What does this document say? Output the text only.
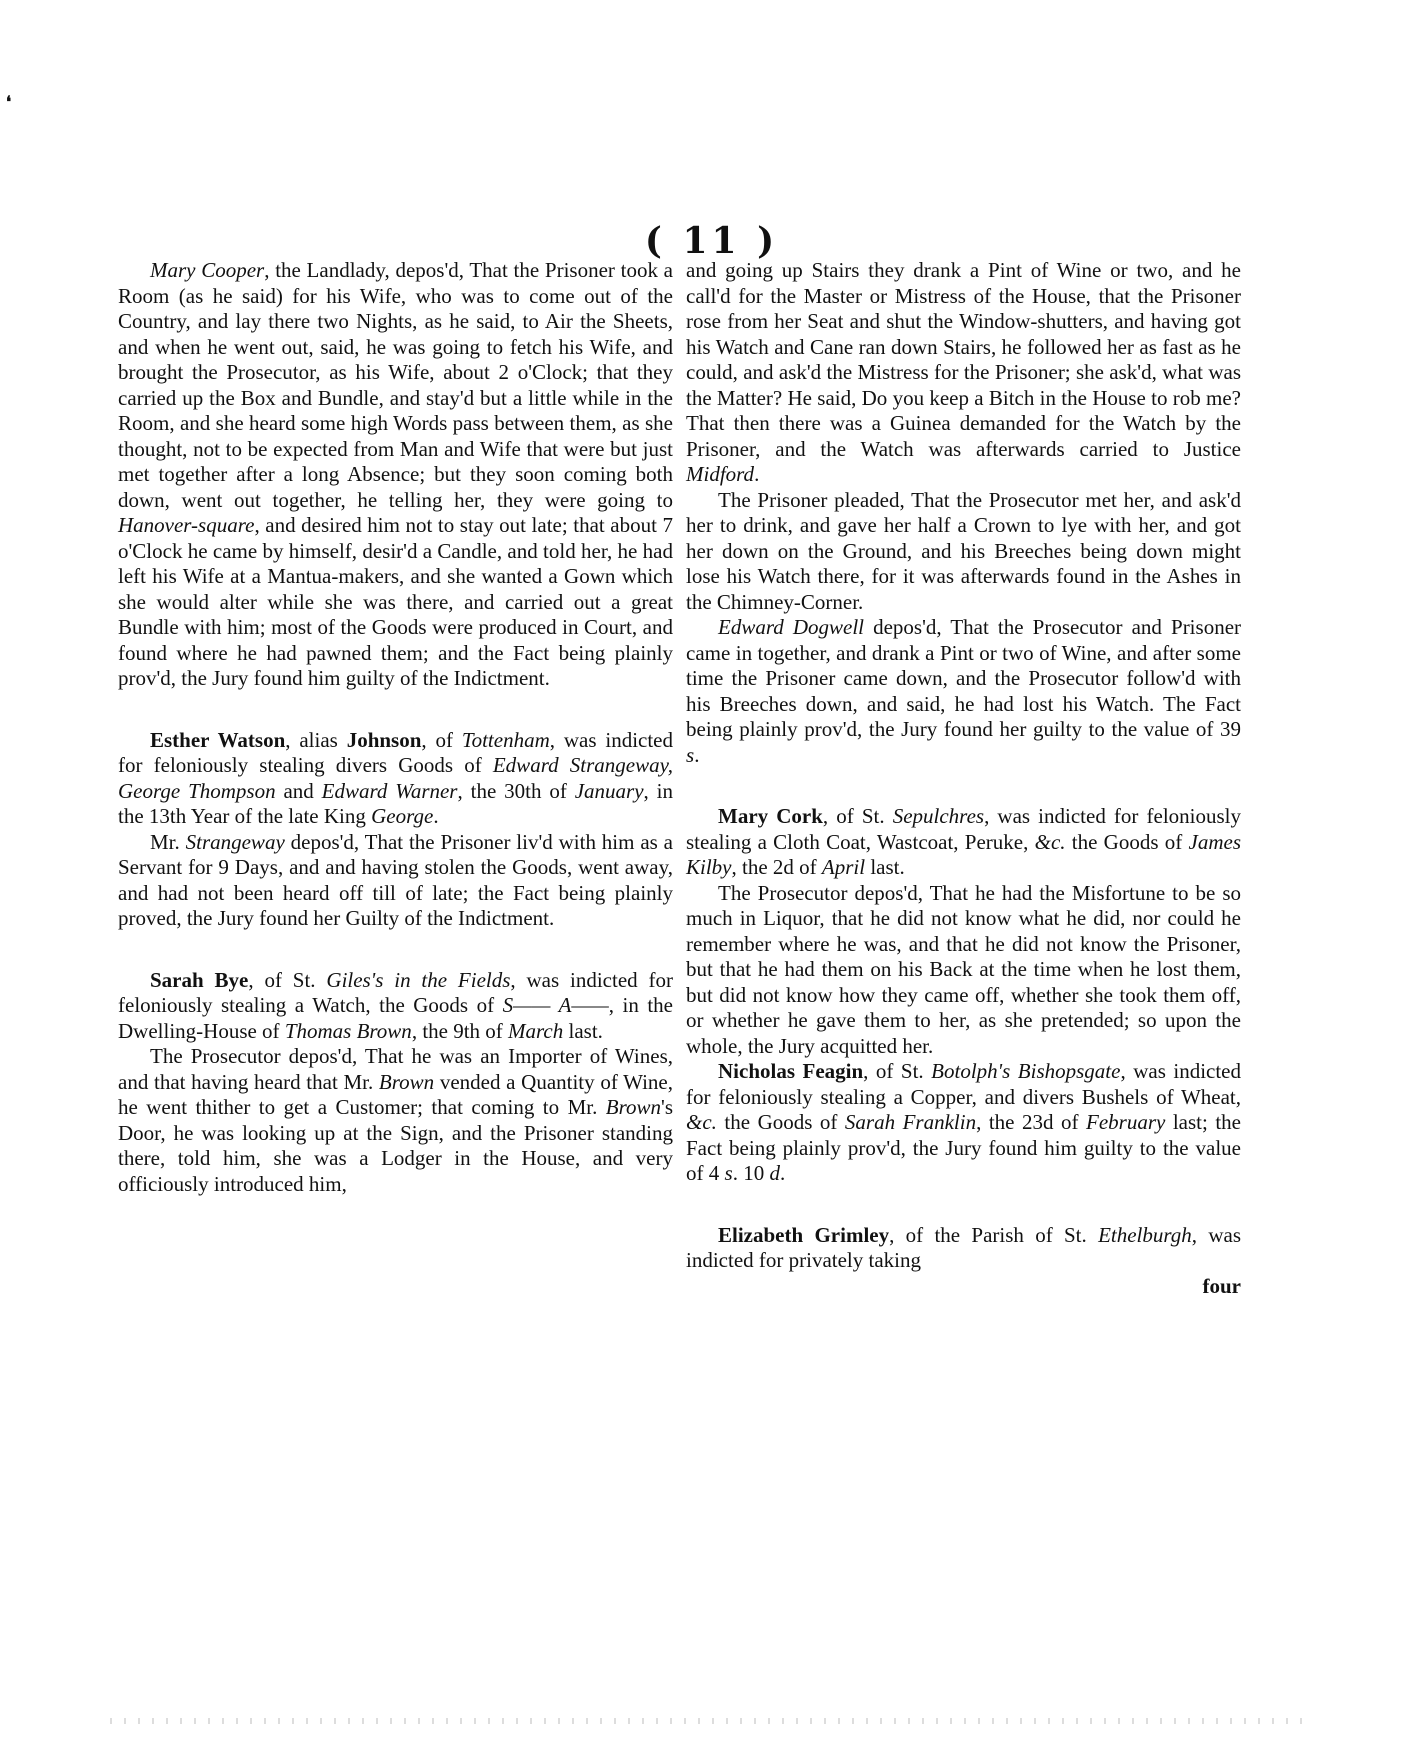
❛
( 11 )

Mary Cooper, the Landlady, depos'd, That the Prisoner took a Room (as he said) for his Wife, who was to come out of the Country, and lay there two Nights, as he said, to Air the Sheets, and when he went out, said, he was going to fetch his Wife, and brought the Prosecutor, as his Wife, about 2 o'Clock; that they carried up the Box and Bundle, and stay'd but a little while in the Room, and she heard some high Words pass between them, as she thought, not to be expected from Man and Wife that were but just met together after a long Absence; but they soon coming both down, went out together, he telling her, they were going to Hanover-square, and desired him not to stay out late; that about 7 o'Clock he came by himself, desir'd a Candle, and told her, he had left his Wife at a Mantua-makers, and she wanted a Gown which she would alter while she was there, and carried out a great Bundle with him; most of the Goods were produced in Court, and found where he had pawned them; and the Fact being plainly prov'd, the Jury found him guilty of the Indictment.

Esther Watson, alias Johnson, of Tottenham, was indicted for feloniously stealing divers Goods of Edward Strangeway, George Thompson and Edward Warner, the 30th of January, in the 13th Year of the late King George.

Mr. Strangeway depos'd, That the Prisoner liv'd with him as a Servant for 9 Days, and and having stolen the Goods, went away, and had not been heard off till of late; the Fact being plainly proved, the Jury found her Guilty of the Indictment.

Sarah Bye, of St. Giles's in the Fields, was indicted for feloniously stealing a Watch, the Goods of S—— A——, in the Dwelling-House of Thomas Brown, the 9th of March last.

The Prosecutor depos'd, That he was an Importer of Wines, and that having heard that Mr. Brown vended a Quantity of Wine, he went thither to get a Customer; that coming to Mr. Brown's Door, he was looking up at the Sign, and the Prisoner standing there, told him, she was a Lodger in the House, and very officiously introduced him,

and going up Stairs they drank a Pint of Wine or two, and he call'd for the Master or Mistress of the House, that the Prisoner rose from her Seat and shut the Window-shutters, and having got his Watch and Cane ran down Stairs, he followed her as fast as he could, and ask'd the Mistress for the Prisoner; she ask'd, what was the Matter? He said, Do you keep a Bitch in the House to rob me? That then there was a Guinea demanded for the Watch by the Prisoner, and the Watch was afterwards carried to Justice Midford.

The Prisoner pleaded, That the Prosecutor met her, and ask'd her to drink, and gave her half a Crown to lye with her, and got her down on the Ground, and his Breeches being down might lose his Watch there, for it was afterwards found in the Ashes in the Chimney-Corner.

Edward Dogwell depos'd, That the Prosecutor and Prisoner came in together, and drank a Pint or two of Wine, and after some time the Prisoner came down, and the Prosecutor follow'd with his Breeches down, and said, he had lost his Watch. The Fact being plainly prov'd, the Jury found her guilty to the value of 39 s.

Mary Cork, of St. Sepulchres, was indicted for feloniously stealing a Cloth Coat, Wastcoat, Peruke, &c. the Goods of James Kilby, the 2d of April last.

The Prosecutor depos'd, That he had the Misfortune to be so much in Liquor, that he did not know what he did, nor could he remember where he was, and that he did not know the Prisoner, but that he had them on his Back at the time when he lost them, but did not know how they came off, whether she took them off, or whether he gave them to her, as she pretended; so upon the whole, the Jury acquitted her.

Nicholas Feagin, of St. Botolph's Bishopsgate, was indicted for feloniously stealing a Copper, and divers Bushels of Wheat, &c. the Goods of Sarah Franklin, the 23d of February last; the Fact being plainly prov'd, the Jury found him guilty to the value of 4 s. 10 d.

Elizabeth Grimley, of the Parish of St. Ethelburgh, was indicted for privately taking

four
